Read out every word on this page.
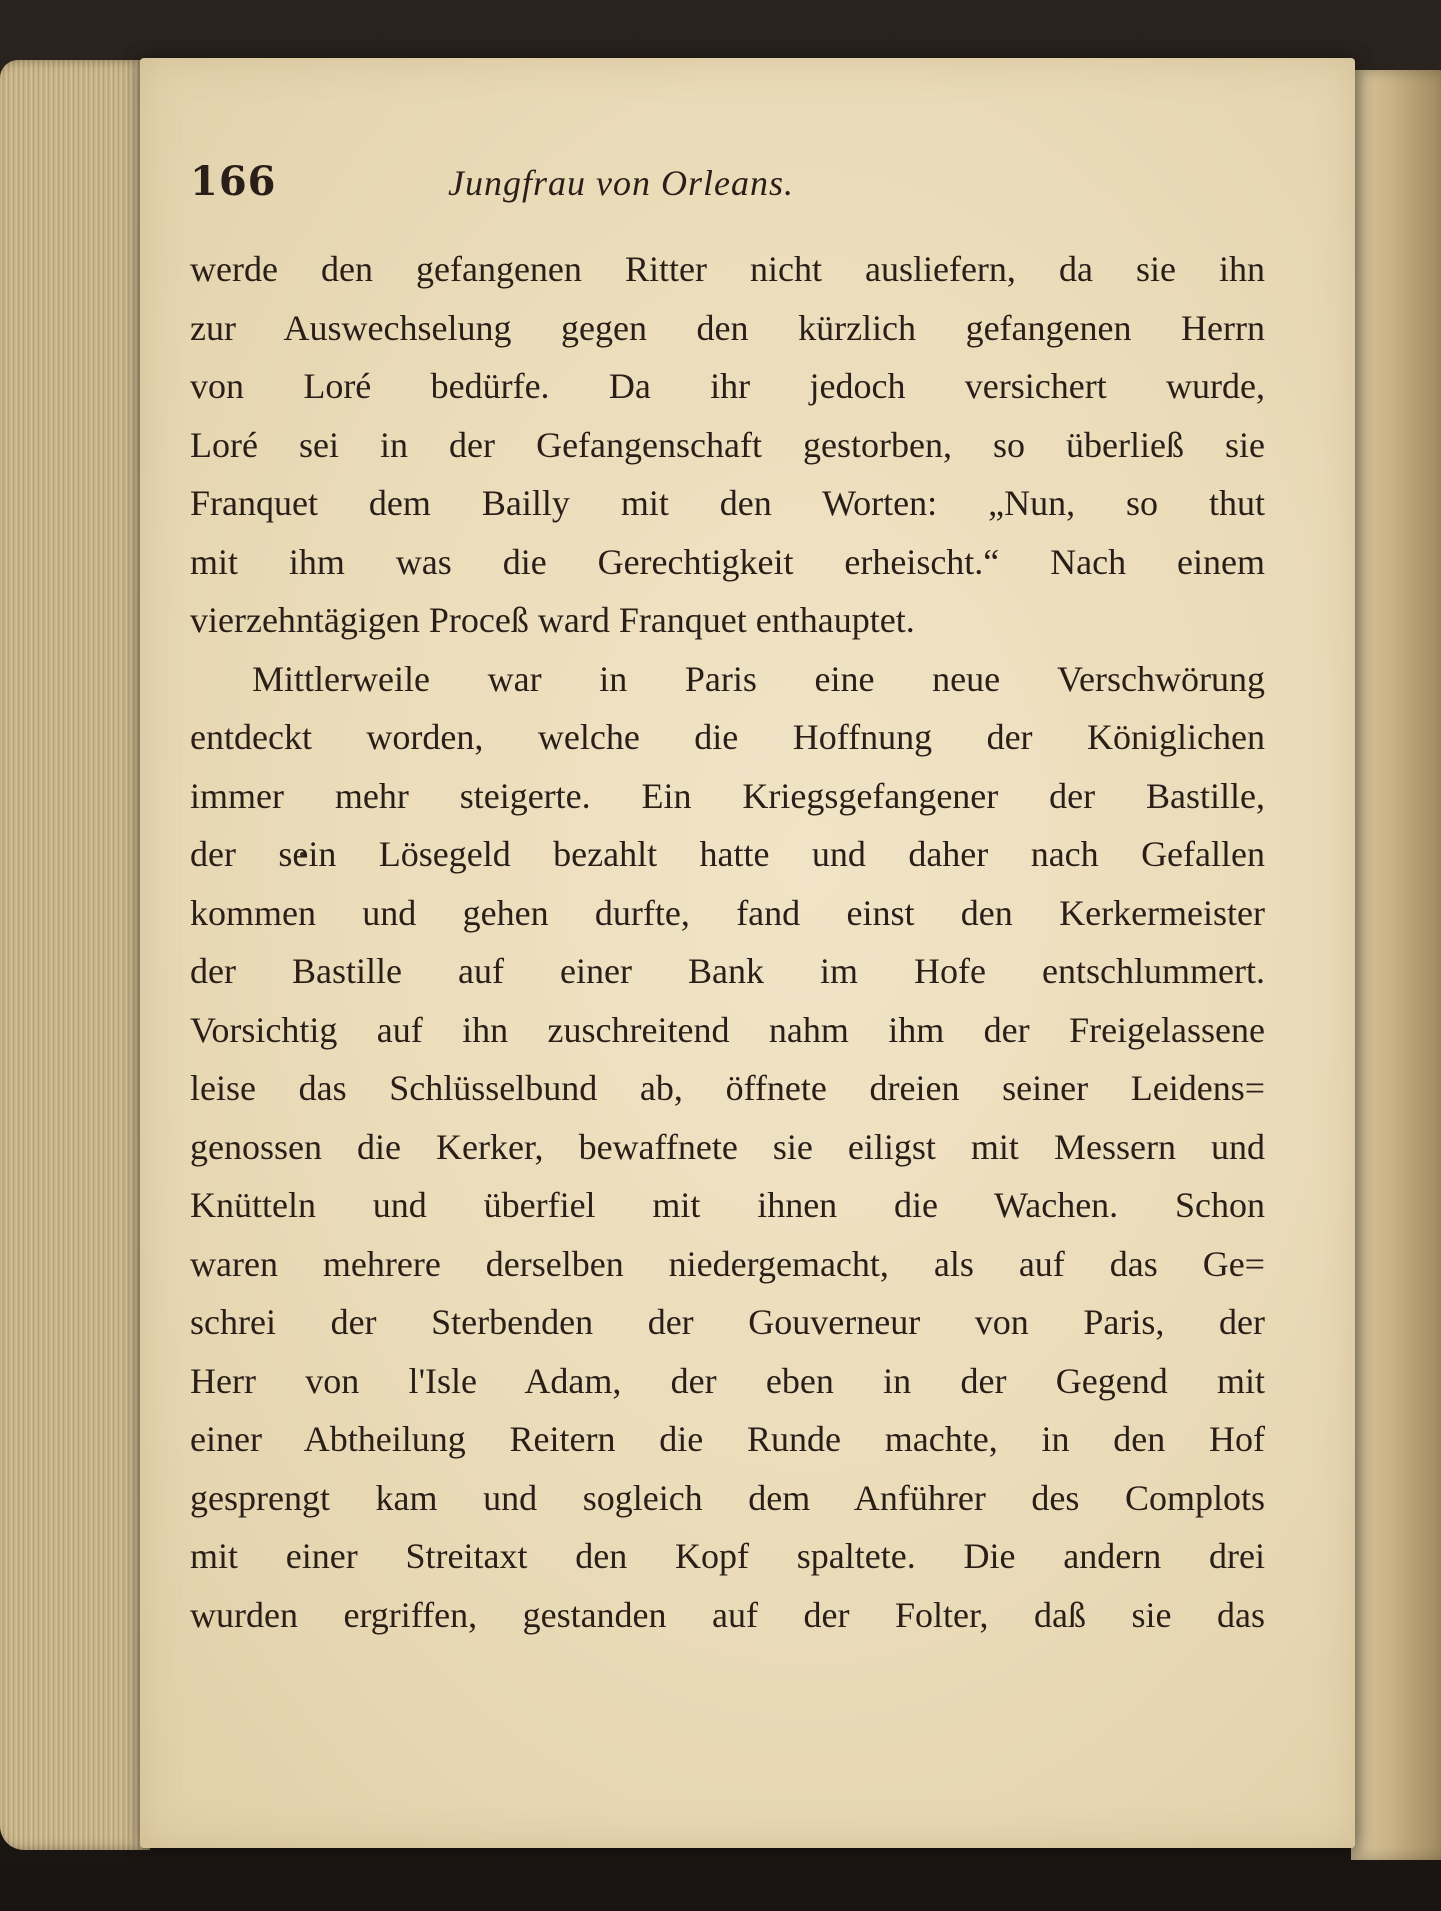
166	Jungfrau von Orleans.
werde den gefangenen Ritter nicht ausliefern, da sie ihn
zur Auswechselung gegen den kürzlich gefangenen Herrn
von Loré bedürfe. Da ihr jedoch versichert wurde,
Loré sei in der Gefangenschaft gestorben, so überließ sie
Franquet dem Bailly mit den Worten: „Nun, so thut
mit ihm was die Gerechtigkeit erheischt.“ Nach einem
vierzehntägigen Proceß ward Franquet enthauptet.
Mittlerweile war in Paris eine neue Verschwörung
entdeckt worden, welche die Hoffnung der Königlichen
immer mehr steigerte. Ein Kriegsgefangener der Bastille,
der sein Lösegeld bezahlt hatte und daher nach Gefallen
kommen und gehen durfte, fand einst den Kerkermeister
der Bastille auf einer Bank im Hofe entschlummert.
Vorsichtig auf ihn zuschreitend nahm ihm der Freigelassene
leise das Schlüsselbund ab, öffnete dreien seiner Leidens=
genossen die Kerker, bewaffnete sie eiligst mit Messern und
Knütteln und überfiel mit ihnen die Wachen. Schon
waren mehrere derselben niedergemacht, als auf das Ge=
schrei der Sterbenden der Gouverneur von Paris, der
Herr von l'Isle Adam, der eben in der Gegend mit
einer Abtheilung Reitern die Runde machte, in den Hof
gesprengt kam und sogleich dem Anführer des Complots
mit einer Streitaxt den Kopf spaltete. Die andern drei
wurden ergriffen, gestanden auf der Folter, daß sie das
